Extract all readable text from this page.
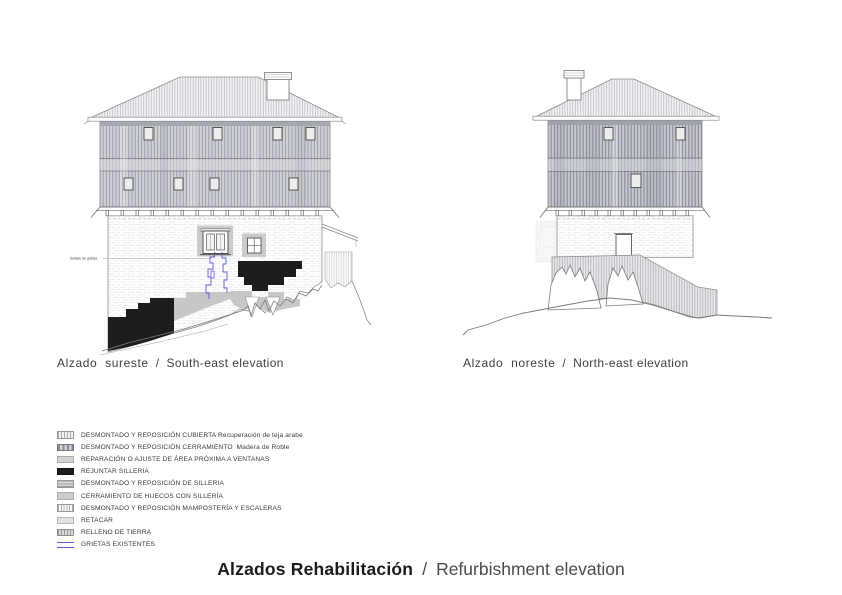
Sellado de grietas
Alzado  sureste / South-east elevation	Alzado  noreste / North-east elevation
DESMONTADO Y REPOSICIÓN CUBIERTA Recuperación de teja arabe
DESMONTADO Y REPOSICIÓN CERRAMIENTO  Madera de Roble
REPARACIÓN O AJUSTE DE ÁREA PRÓXIMA A VENTANAS
REJUNTAR SILLERIA
DESMONTADO Y REPOSICIÓN DE SILLERIA
CERRAMIENTO DE HUECOS CON SILLERÍA
DESMONTADO Y REPOSICIÓN MAMPOSTERÍA Y ESCALERAS
RETACAR
RELLENO DE TIERRA
GRIETAS EXISTENTES
Alzados Rehabilitación / Refurbishment elevation
